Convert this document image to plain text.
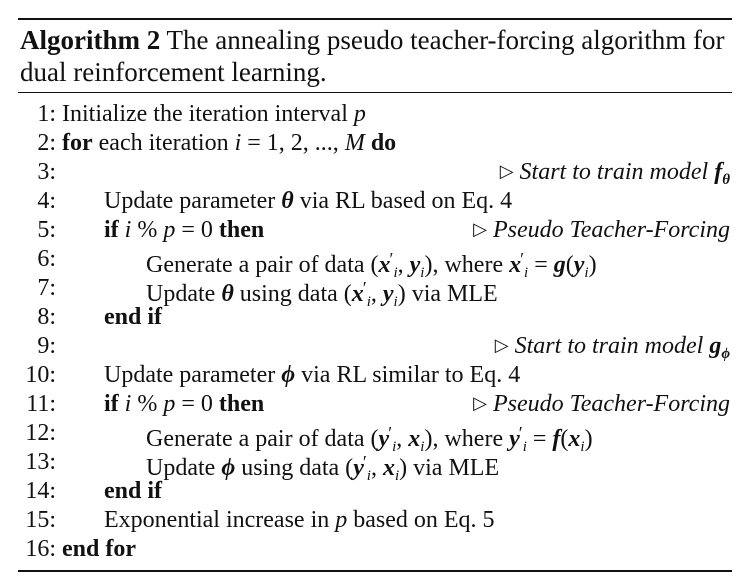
Algorithm 2 The annealing pseudo teacher-forcing algorithm for dual reinforcement learning.
1: Initialize the iteration interval p
2: for each iteration i = 1, 2, ..., M do
3:	▷ Start to train model $f_\theta$
4: Update parameter θ via RL based on Eq. 4
5: if i % p = 0 then	▷ Pseudo Teacher-Forcing
6:	Generate a pair of data ($x'_i$, $y_i$), where $x'_i = g(y_i)$
7:	Update θ using data ($x'_i$, $y_i$) via MLE
8: end if
9:	▷ Start to train model $g_\phi$
10: Update parameter ϕ via RL similar to Eq. 4
11: if i % p = 0 then	▷ Pseudo Teacher-Forcing
12:	Generate a pair of data ($y'_i$, $x_i$), where $y'_i = f(x_i)$
13:	Update ϕ using data ($y'_i$, $x_i$) via MLE
14: end if
15: Exponential increase in p based on Eq. 5
16: end for
